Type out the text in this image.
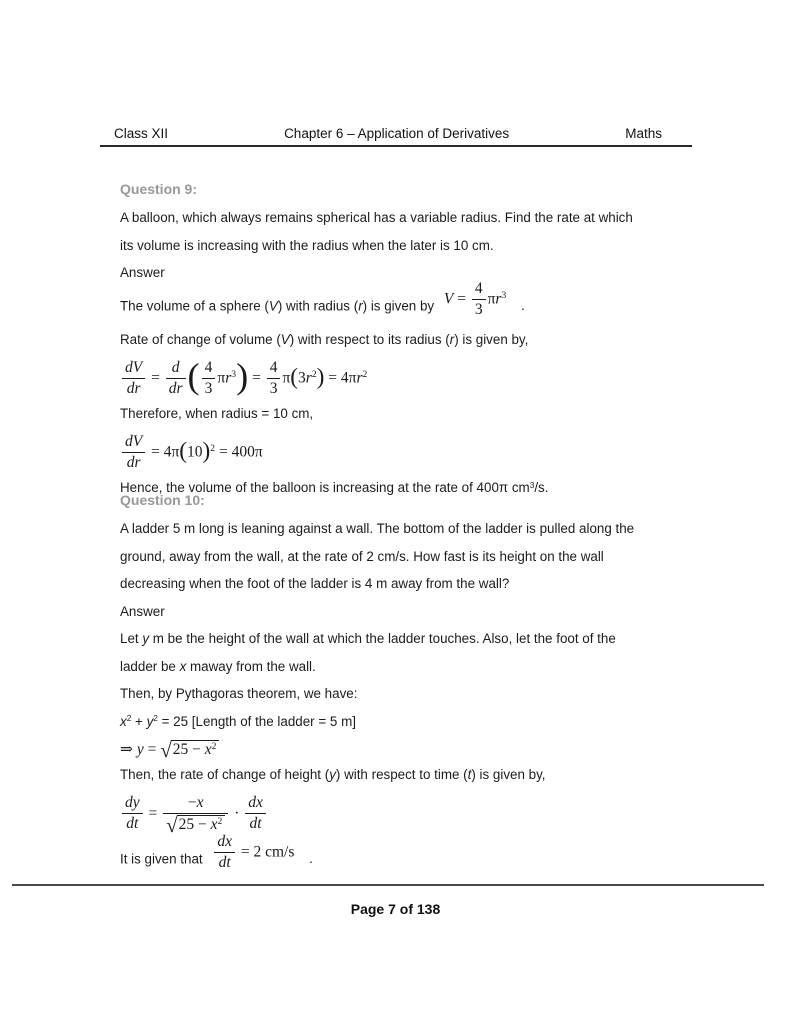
Class XII	Chapter 6 – Application of Derivatives	Maths
Question 9:
A balloon, which always remains spherical has a variable radius. Find the rate at which
its volume is increasing with the radius when the later is 10 cm.
Answer
The volume of a sphere (V) with radius (r) is given by $V = \frac{4}{3} \pi r^3$ .
Rate of change of volume (V) with respect to its radius (r) is given by,
$\frac{dV}{dr} = \frac{d}{dr}$ ( $\frac{4}{3} \pi r^3) = \frac{4}{3} \pi(3r^2) = 4\pi r^2$
Therefore, when radius = 10 cm,
$\frac{dV}{dr} = 4\pi(10)^2 = 400\pi$
Hence, the volume of the balloon is increasing at the rate of 400π $cm^3/s$.
Question 10:
A ladder 5 m long is leaning against a wall. The bottom of the ladder is pulled along the
ground, away from the wall, at the rate of 2 cm/s. How fast is its height on the wall
decreasing when the foot of the ladder is 4 m away from the wall?
Answer
Let y m be the height of the wall at which the ladder touches. Also, let the foot of the
ladder be x maway from the wall.
Then, by Pythagoras theorem, we have:
$x^2 + y^2 = 25$ [Length of the ladder = 5 m]
⇒ $y = √25 - x^2$
Then, the rate of change of height (y) with respect to time (t) is given by,
$\frac{dy}{dt} = \frac{-x}{√25 - x^2} \cdot \frac{dx}{dt}$
It is given that $\frac{dx}{dt} = 2$ cm/s .
Page 7 of 138
